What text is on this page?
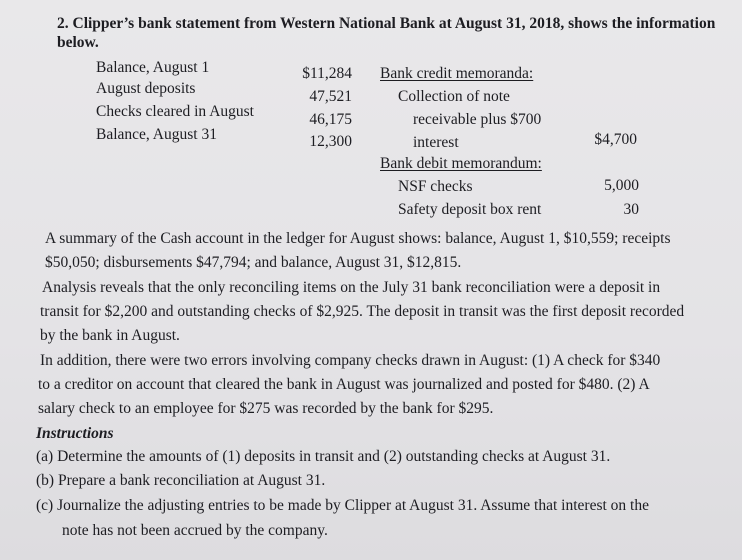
2. Clipper’s bank statement from Western National Bank at August 31, 2018, shows the information
below.
Balance, August 1	$11,284
August deposits	47,521
Checks cleared in August	46,175
Balance, August 31	12,300
Bank credit memoranda:
Collection of note
receivable plus $700
interest	$4,700
Bank debit memorandum:
NSF checks	5,000
Safety deposit box rent	30
A summary of the Cash account in the ledger for August shows: balance, August 1, $10,559; receipts
$50,050; disbursements $47,794; and balance, August 31, $12,815.
Analysis reveals that the only reconciling items on the July 31 bank reconciliation were a deposit in
transit for $2,200 and outstanding checks of $2,925. The deposit in transit was the first deposit recorded
by the bank in August.
In addition, there were two errors involving company checks drawn in August: (1) A check for $340
to a creditor on account that cleared the bank in August was journalized and posted for $480. (2) A
salary check to an employee for $275 was recorded by the bank for $295.
Instructions
(a) Determine the amounts of (1) deposits in transit and (2) outstanding checks at August 31.
(b) Prepare a bank reconciliation at August 31.
(c) Journalize the adjusting entries to be made by Clipper at August 31. Assume that interest on the
note has not been accrued by the company.
